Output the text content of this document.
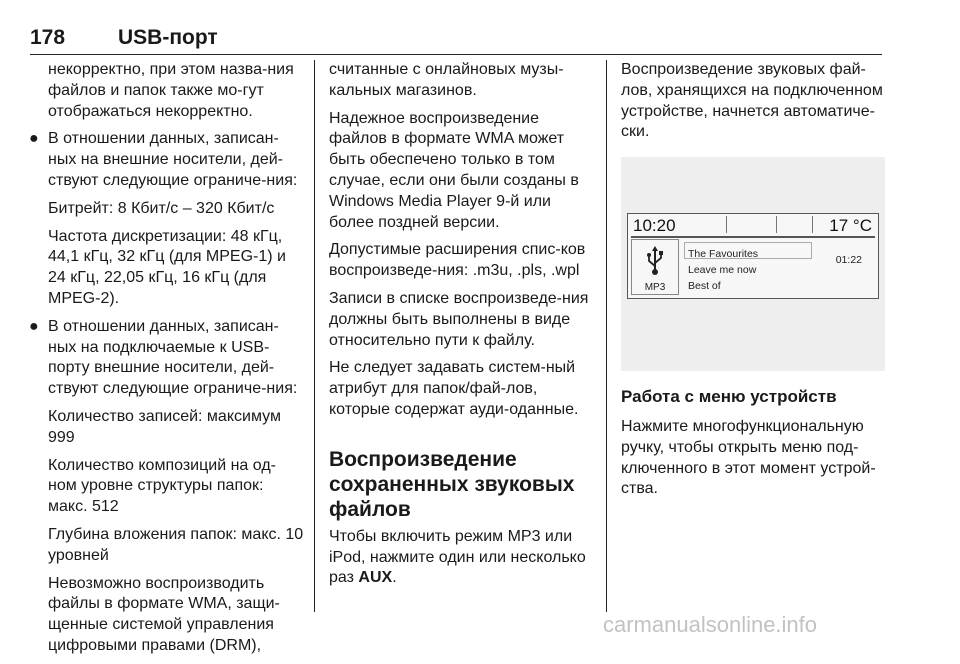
178	USB-порт
некорректно, при этом назва-ния файлов и папок также мо-гут отображаться некорректно.
● В отношении данных, записан-ных на внешние носители, дей-ствуют следующие ограниче-ния:
Битрейт: 8 Кбит/с – 320 Кбит/с
Частота дискретизации: 48 кГц, 44,1 кГц, 32 кГц (для MPEG-1) и 24 кГц, 22,05 кГц, 16 кГц (для MPEG-2).
● В отношении данных, записан-ных на подключаемые к USB-порту внешние носители, дей-ствуют следующие ограниче-ния:
Количество записей: максимум 999
Количество композиций на од-ном уровне структуры папок: макс. 512
Глубина вложения папок: макс. 10 уровней
Невозможно воспроизводить файлы в формате WMA, защи-щенные системой управления цифровыми правами (DRM),
считанные с онлайновых музы-кальных магазинов.
Надежное воспроизведение файлов в формате WMA может быть обеспечено только в том случае, если они были созданы в Windows Media Player 9-й или более поздней версии.
Допустимые расширения спис-ков воспроизведе-ния: .m3u, .pls, .wpl
Записи в списке воспроизведе-ния должны быть выполнены в виде относительно пути к файлу.
Не следует задавать систем-ный атрибут для папок/фай-лов, которые содержат ауди-оданные.
Воспроизведение сохраненных звуковых файлов
Чтобы включить режим MP3 или iPod, нажмите один или несколько раз AUX.
Воспроизведение звуковых фай-лов, хранящихся на подключенном устройстве, начнется автоматиче-ски.
10:20	17 °C
MP3
The Favourites
Leave me now
Best of
01:22
Работа с меню устройств
Нажмите многофункциональную ручку, чтобы открыть меню под-ключенного в этот момент устрой-ства.
carmanualsonline.info
